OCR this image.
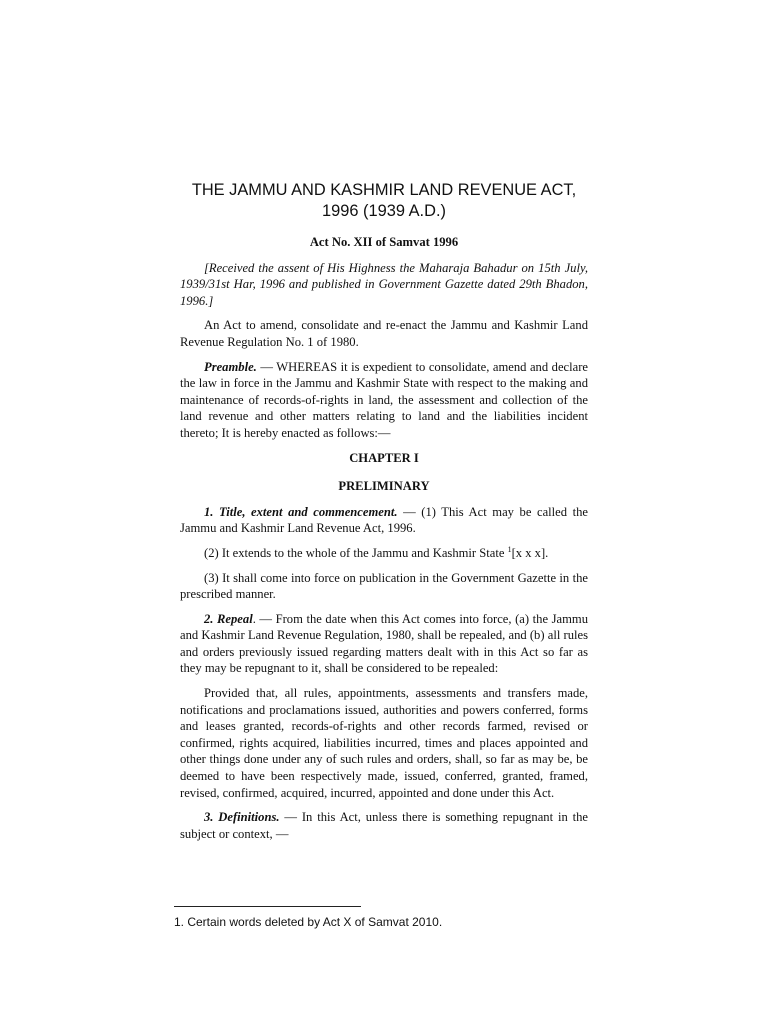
THE JAMMU AND KASHMIR LAND REVENUE ACT,
1996 (1939 A.D.)
Act No. XII of Samvat 1996

[Received the assent of His Highness the Maharaja Bahadur on 15th July, 1939/31st Har, 1996 and published in Government Gazette dated 29th Bhadon, 1996.]

An Act to amend, consolidate and re-enact the Jammu and Kashmir Land Revenue Regulation No. 1 of 1980.

Preamble. — WHEREAS it is expedient to consolidate, amend and declare the law in force in the Jammu and Kashmir State with respect to the making and maintenance of records-of-rights in land, the assessment and collection of the land revenue and other matters relating to land and the liabilities incident thereto; It is hereby enacted as follows:—

CHAPTER I
PRELIMINARY

1. Title, extent and commencement. — (1) This Act may be called the Jammu and Kashmir Land Revenue Act, 1996.

(2) It extends to the whole of the Jammu and Kashmir State $^1$[x x x].

(3) It shall come into force on publication in the Government Gazette in the prescribed manner.

2. Repeal. — From the date when this Act comes into force, (a) the Jammu and Kashmir Land Revenue Regulation, 1980, shall be repealed, and (b) all rules and orders previously issued regarding matters dealt with in this Act so far as they may be repugnant to it, shall be considered to be repealed:

Provided that, all rules, appointments, assessments and transfers made, notifications and proclamations issued, authorities and powers conferred, forms and leases granted, records-of-rights and other records farmed, revised or confirmed, rights acquired, liabilities incurred, times and places appointed and other things done under any of such rules and orders, shall, so far as may be, be deemed to have been respectively made, issued, conferred, granted, framed, revised, confirmed, acquired, incurred, appointed and done under this Act.

3. Definitions. — In this Act, unless there is something repugnant in the subject or context, —

1. Certain words deleted by Act X of Samvat 2010.
